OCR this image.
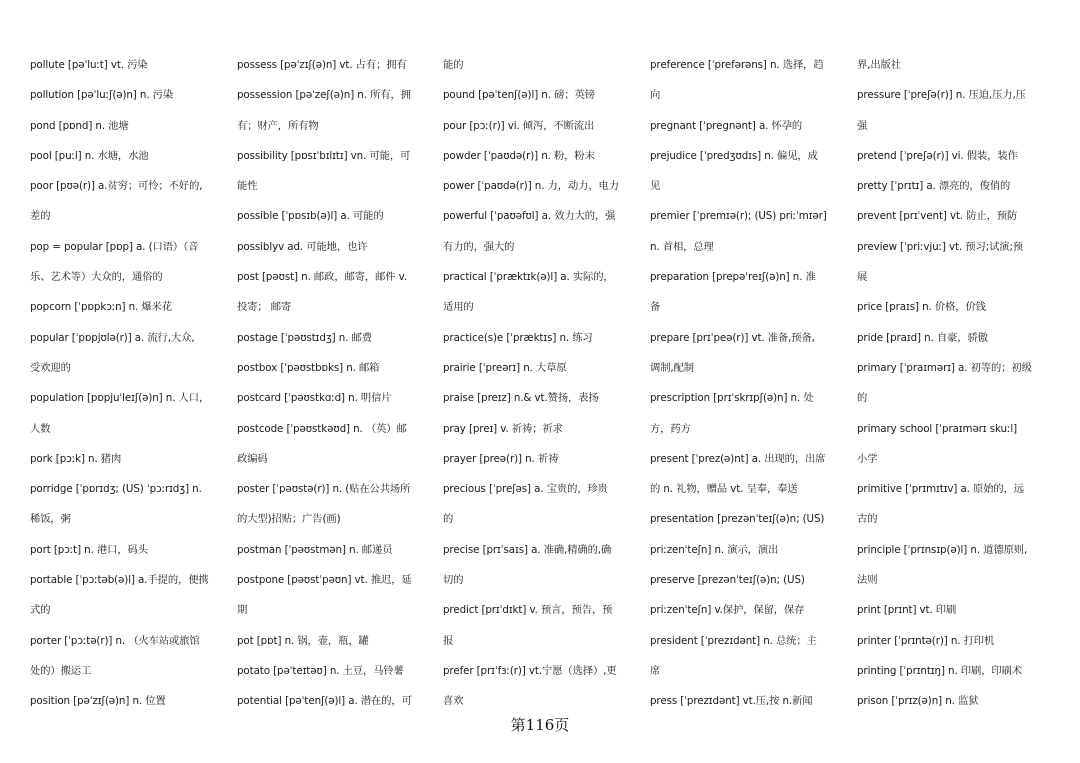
pollute [pəˈluːt] vt. 污染
pollution [pəˈluːʃ(ə)n] n. 污染
pond [pɒnd] n. 池塘
pool [puːl] n. 水塘，水池
poor [pʊə(r)] a.贫穷；可怜；不好的,
差的
pop = popular [pɒp] a. (口语）（音
乐、艺术等）大众的，通俗的
popcorn [ˈpɒpkɔːn] n. 爆米花
popular [ˈpɒpjʊlə(r)] a. 流行,大众,
受欢迎的
population [pɒpjuˈleɪʃ(ə)n] n. 人口，
人数
pork [pɔːk] n. 猪肉
porridge [ˈpɒrɪdʒ; (US) ˈpɔːrɪdʒ] n.
稀饭，粥
port [pɔːt] n. 港口，码头
portable [ˈpɔːtəb(ə)l] a.手提的，便携
式的
porter [ˈpɔːtə(r)] n. （火车站或旅馆
处的）搬运工
position [pəˈzɪʃ(ə)n] n. 位置
possess [pəˈzɪʃ(ə)n] vt. 占有；拥有
possession [pəˈzeʃ(ə)n] n. 所有，拥
有；财产，所有物
possibility [pɒsɪˈbɪlɪtɪ] vn. 可能，可
能性
possible [ˈpɒsɪb(ə)l] a. 可能的
possiblyv ad. 可能地，也许
post [pəʊst] n. 邮政，邮寄，邮件 v.
投寄； 邮寄
postage [ˈpəʊstɪdʒ] n. 邮费
postbox [ˈpəʊstbɒks] n. 邮箱
postcard [ˈpəʊstkɑːd] n. 明信片
postcode [ˈpəʊstkəʊd] n. （英）邮
政编码
poster [ˈpəʊstə(r)] n. (贴在公共场所
的大型)招贴；广告(画)
postman [ˈpəʊstmən] n. 邮递员
postpone [pəʊstˈpəʊn] vt. 推迟，延
期
pot [pɒt] n. 锅，壶，瓶，罐
potato [pəˈteɪtəʊ] n. 土豆，马铃薯
potential [pəˈtenʃ(ə)l] a. 潜在的，可
能的
pound [pəˈtenʃ(ə)l] n. 磅；英镑
pour [pɔː(r)] vi. 倾泻，不断流出
powder [ˈpaʊdə(r)] n. 粉，粉末
power [ˈpaʊdə(r)] n. 力，动力，电力
powerful [ˈpaʊəfʊl] a. 效力大的，强
有力的，强大的
practical [ˈpræktɪk(ə)l] a. 实际的，
适用的
practice(s)e [ˈpræktɪs] n. 练习
prairie [ˈpreərɪ] n. 大草原
praise [preɪz] n.& vt.赞扬，表扬
pray [preɪ] v. 祈祷；祈求
prayer [preə(r)] n. 祈祷
precious [ˈpreʃəs] a. 宝贵的，珍贵
的
precise [prɪˈsaɪs] a. 准确,精确的,确
切的
predict [prɪˈdɪkt] v. 预言，预告，预
报
prefer [prɪˈfɜː(r)] vt.宁愿（选择）,更
喜欢
preference [ˈprefərəns] n. 选择，趋
向
pregnant [ˈpregnənt] a. 怀孕的
prejudice [ˈpredʒʊdɪs] n. 偏见，成
见
premier [ˈpremɪə(r); (US) priːˈmɪər]
n. 首相，总理
preparation [prepəˈreɪʃ(ə)n] n. 准
备
prepare [prɪˈpeə(r)] vt. 准备,预备,
调制,配制
prescription [prɪˈskrɪpʃ(ə)n] n. 处
方，药方
present [ˈprez(ə)nt] a. 出现的，出席
的 n. 礼物，赠品 vt. 呈奉，奉送
presentation [prezənˈteɪʃ(ə)n; (US)
priːzenˈteʃn] n. 演示，演出
preserve [prezənˈteɪʃ(ə)n; (US)
priːzenˈteʃn] v.保护，保留，保存
president [ˈprezɪdənt] n. 总统；主
席
press [ˈprezɪdənt] vt.压,按 n.新闻
界,出版社
pressure [ˈpreʃə(r)] n. 压迫,压力,压
强
pretend [ˈpreʃə(r)] vi. 假装，装作
pretty [ˈprɪtɪ] a. 漂亮的，俊俏的
prevent [prɪˈvent] vt. 防止，预防
preview [ˈpriːvjuː] vt. 预习;试演;预
展
price [praɪs] n. 价格，价钱
pride [praɪd] n. 自豪，骄傲
primary [ˈpraɪmərɪ] a. 初等的；初级
的
primary school [ˈpraɪmərɪ skuːl]
小学
primitive [ˈprɪmɪtɪv] a. 原始的，远
古的
principle [ˈprɪnsɪp(ə)l] n. 道德原则,
法则
print [prɪnt] vt. 印刷
printer [ˈprɪntə(r)] n. 打印机
printing [ˈprɪntɪŋ] n. 印刷，印刷术
prison [ˈprɪz(ə)n] n. 监狱
第116页
